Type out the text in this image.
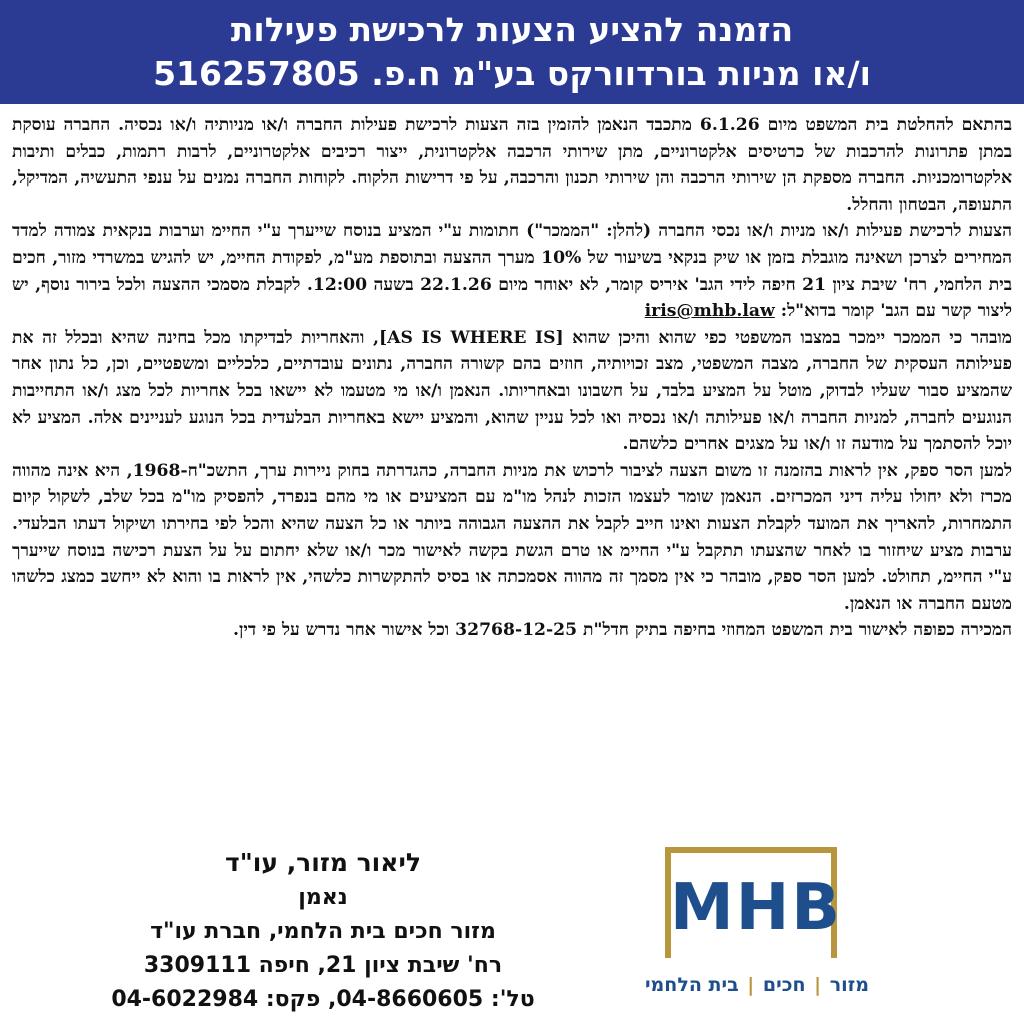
הזמנה להציע הצעות לרכישת פעילות
ו/או מניות בורדוורקס בע"מ ח.פ. 516257805

בהתאם להחלטת בית המשפט מיום 6.1.26 מתכבד הנאמן להזמין בזה הצעות לרכישת פעילות החברה ו/או מניותיה ו/או נכסיה. החברה עוסקת במתן פתרונות להרכבות של כרטיסים אלקטרוניים, מתן שירותי הרכבה אלקטרונית, ייצור רכיבים אלקטרוניים, לרבות רתמות, כבלים ותיבות אלקטרומכניות. החברה מספקת הן שירותי הרכבה והן שירותי תכנון והרכבה, על פי דרישות הלקוח. לקוחות החברה נמנים על ענפי התעשיה, המדיקל, התעופה, הבטחון והחלל.

הצעות לרכישת פעילות ו/או מניות ו/או נכסי החברה (להלן: "הממכר") חתומות ע"י המציע בנוסח שייערך ע"י החיימ וערבות בנקאית צמודה למדד המחירים לצרכן ושאינה מוגבלת בזמן או שיק בנקאי בשיעור של 10% מערך ההצעה ובתוספת מע"מ, לפקודת החיימ, יש להגיש במשרדי מזור, חכים בית הלחמי, רח' שיבת ציון 21 חיפה לידי הגב' איריס קומר, לא יאוחר מיום 22.1.26 בשעה 12:00. לקבלת מסמכי ההצעה ולכל בירור נוסף, יש ליצור קשר עם הגב' קומר בדוא"ל: iris@mhb.law

מובהר כי הממכר יימכר במצבו המשפטי כפי שהוא והיכן שהוא [AS IS WHERE IS], והאחריות לבדיקתו מכל בחינה שהיא ובכלל זה את פעילותה העסקית של החברה, מצבה המשפטי, מצב זכויותיה, חוזים בהם קשורה החברה, נתונים עובדתיים, כלכליים ומשפטיים, וכן, כל נתון אחר שהמציע סבור שעליו לבדוק, מוטל על המציע בלבד, על חשבונו ובאחריותו. הנאמן ו/או מי מטעמו לא יישאו בכל אחריות לכל מצג ו/או התחייבות הנוגעים לחברה, למניות החברה ו/או פעילותה ו/או נכסיה ואו לכל עניין שהוא, והמציע יישא באחריות הבלעדית בכל הנוגע לעניינים אלה. המציע לא יוכל להסתמך על מודעה זו ו/או על מצגים אחרים כלשהם.

למען הסר ספק, אין לראות בהזמנה זו משום הצעה לציבור לרכוש את מניות החברה, כהגדרתה בחוק ניירות ערך, התשכ"ח-1968, היא אינה מהווה מכרז ולא יחולו עליה דיני המכרזים. הנאמן שומר לעצמו הזכות לנהל מו"מ עם המציעים או מי מהם בנפרד, להפסיק מו"מ בכל שלב, לשקול קיום התמחרות, להאריך את המועד לקבלת הצעות ואינו חייב לקבל את ההצעה הגבוהה ביותר או כל הצעה שהיא והכל לפי בחירתו ושיקול דעתו הבלעדי. ערבות מציע שיחזור בו לאחר שהצעתו תתקבל ע"י החיימ או טרם הגשת בקשה לאישור מכר ו/או שלא יחתום על על הצעת רכישה בנוסח שייערך ע"י החיימ, תחולט. למען הסר ספק, מובהר כי אין מסמך זה מהווה אסמכתה או בסיס להתקשרות כלשהי, אין לראות בו והוא לא ייחשב כמצג כלשהו מטעם החברה או הנאמן.

המכירה כפופה לאישור בית המשפט המחוזי בחיפה בתיק חדל"ת 32768-12-25 וכל אישור אחר נדרש על פי דין.

ליאור מזור, עו"ד
נאמן
מזור חכים בית הלחמי, חברת עו"ד
רח' שיבת ציון 21, חיפה 3309111
טל': 04-8660605, פקס: 04-6022984
MHB
מזור | חכים | בית הלחמי
